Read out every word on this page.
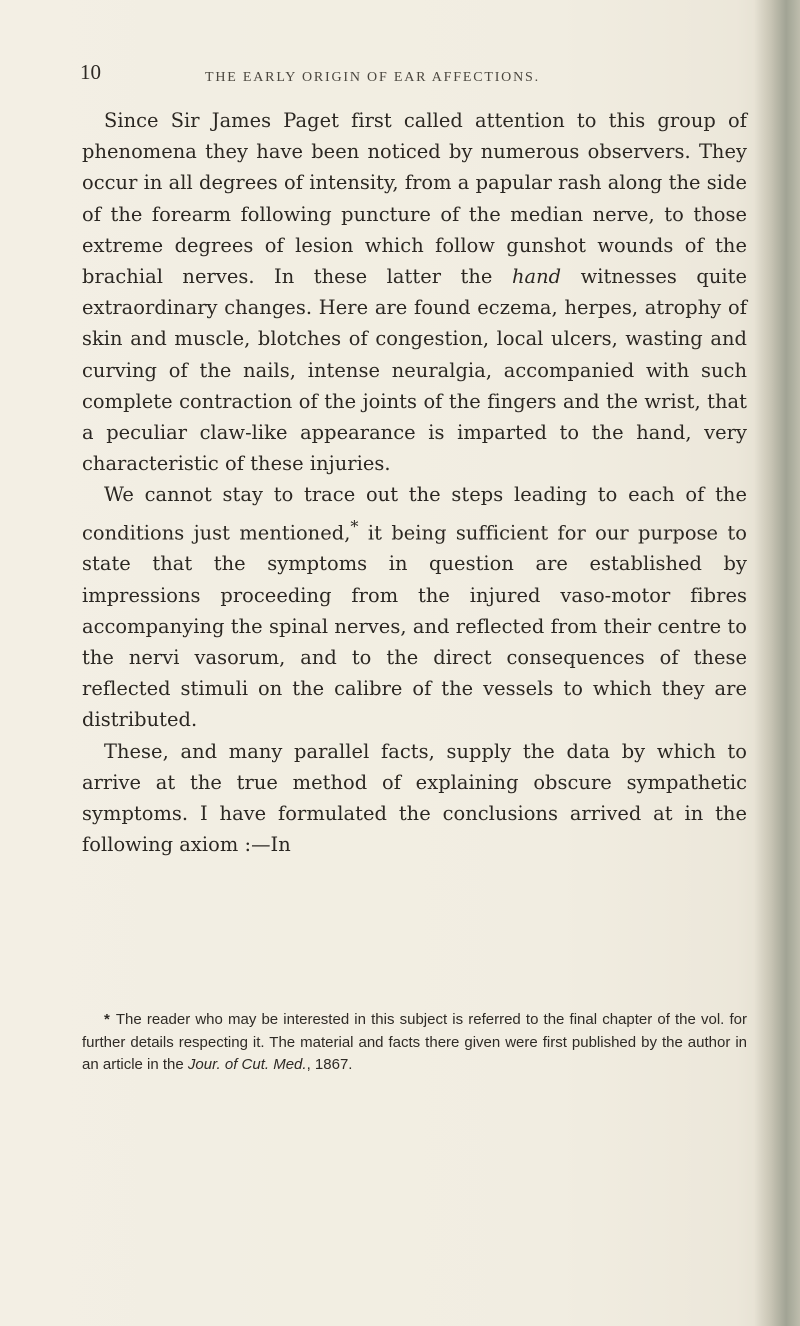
10	THE EARLY ORIGIN OF EAR AFFECTIONS.

Since Sir James Paget first called attention to this group of phenomena they have been noticed by numerous observers. They occur in all degrees of intensity, from a papular rash along the side of the forearm following puncture of the median nerve, to those extreme degrees of lesion which follow gunshot wounds of the brachial nerves. In these latter the hand witnesses quite extraordinary changes. Here are found eczema, herpes, atrophy of skin and muscle, blotches of congestion, local ulcers, wasting and curving of the nails, intense neuralgia, accompanied with such complete contraction of the joints of the fingers and the wrist, that a peculiar claw-like appearance is imparted to the hand, very characteristic of these injuries.

We cannot stay to trace out the steps leading to each of the conditions just mentioned,* it being sufficient for our purpose to state that the symptoms in question are established by impressions proceeding from the injured vaso-motor fibres accompanying the spinal nerves, and reflected from their centre to the nervi vasorum, and to the direct consequences of these reflected stimuli on the calibre of the vessels to which they are distributed.

These, and many parallel facts, supply the data by which to arrive at the true method of explaining obscure sympathetic symptoms. I have formulated the conclusions arrived at in the following axiom :—In

* The reader who may be interested in this subject is referred to the final chapter of the vol. for further details respecting it. The material and facts there given were first published by the author in an article in the Jour. of Cut. Med., 1867.
